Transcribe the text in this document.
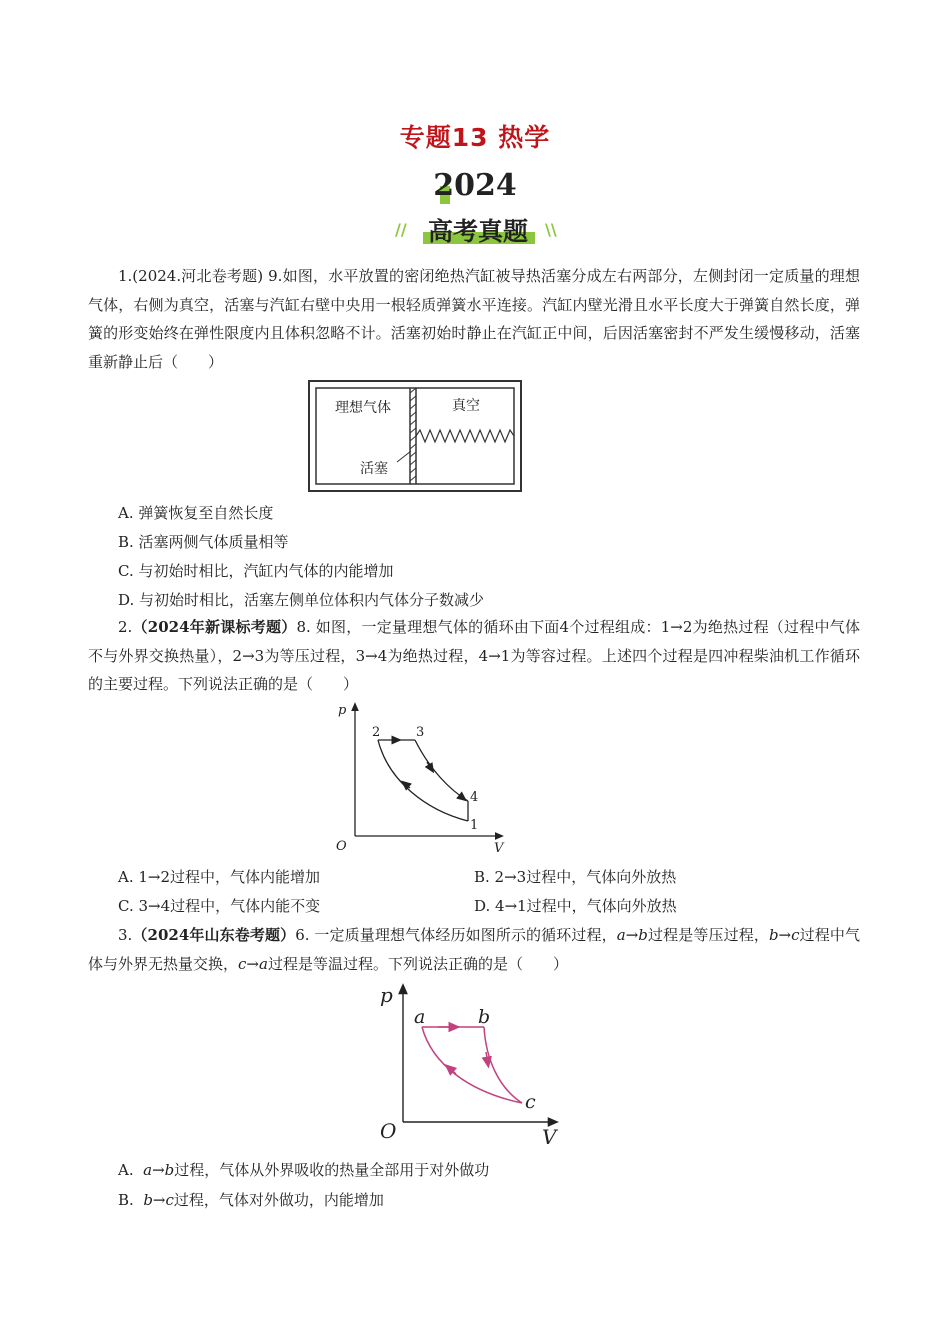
专题13 热学
2024
// 高考真题	\\
1.(2024.河北卷考题) 9.如图，水平放置的密闭绝热汽缸被导热活塞分成左右两部分，左侧封闭一定质量的理想气体，右侧为真空，活塞与汽缸右壁中央用一根轻质弹簧水平连接。汽缸内壁光滑且水平长度大于弹簧自然长度，弹簧的形变始终在弹性限度内且体积忽略不计。活塞初始时静止在汽缸正中间，后因活塞密封不严发生缓慢移动，活塞重新静止后（　　）
理想气体	真空
活塞
A. 弹簧恢复至自然长度
B. 活塞两侧气体质量相等
C. 与初始时相比，汽缸内气体的内能增加
D. 与初始时相比，活塞左侧单位体积内气体分子数减少
2.（2024年新课标考题）8. 如图，一定量理想气体的循环由下面4个过程组成：1→2为绝热过程（过程中气体不与外界交换热量），2→3为等压过程，3→4为绝热过程，4→1为等容过程。上述四个过程是四冲程柴油机工作循环的主要过程。下列说法正确的是（　　）
p
V
O
2	3
4
1
A. 1→2过程中，气体内能增加	B. 2→3过程中，气体向外放热
C. 3→4过程中，气体内能不变	D. 4→1过程中，气体向外放热
3.（2024年山东卷考题）6. 一定质量理想气体经历如图所示的循环过程，a→b过程是等压过程，b→c过程中气体与外界无热量交换，c→a过程是等温过程。下列说法正确的是（　　）
p
V
O
a	b
c
A.  a→b过程，气体从外界吸收的热量全部用于对外做功
B.  b→c过程，气体对外做功，内能增加
